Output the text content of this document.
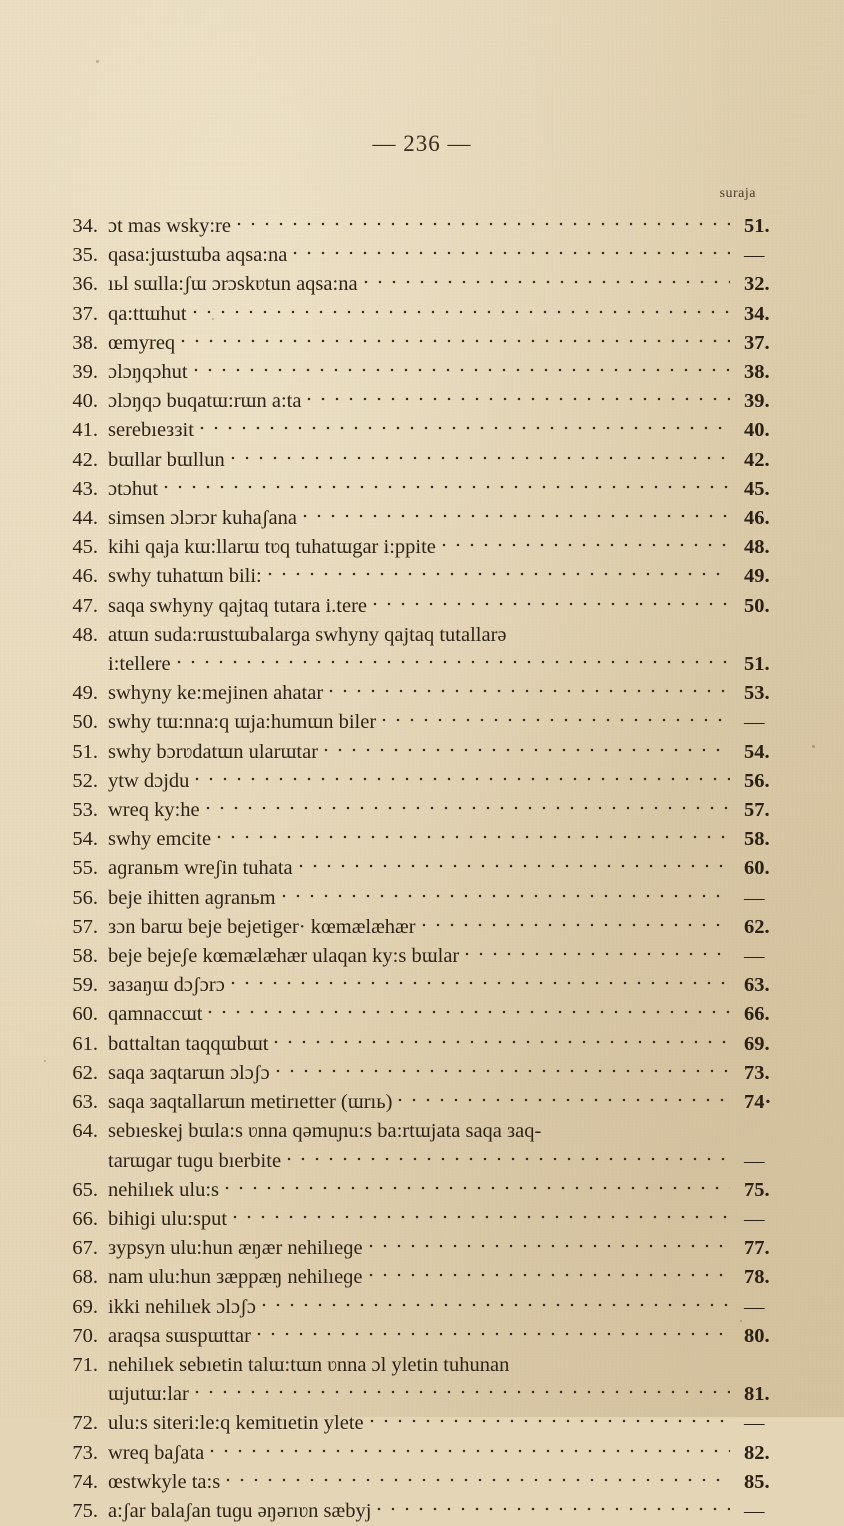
— 236 —
suraja
34. ɔt mas wsky:re	51.
35. qasa:jɯstɯba aqsa:na	—
36. ıьl sɯlla:ʃɯ ɔrɔskʋtun aqsa:na	32.
37. qa:ttɯhut	34.
38. œmyreq	37.
39. ɔlɔŋqɔhut	38.
40. ɔlɔŋqɔ buqatɯ:rɯn a:ta	39.
41. serebıeззit	40.
42. bɯllar bɯllun	42.
43. ɔtɔhut	45.
44. simsen ɔlɔrɔr kuhaʃana	46.
45. kihi qaja kɯ:llarɯ tʋq tuhatɯgar i:ppite	48.
46. swhy tuhatɯn bili:	49.
47. saqa swhyny qajtaq tutara i.tere	50.
48. atɯn suda:rɯstɯbalarɡa swhyny qajtaq tutallarə
i:tellere	51.
49. swhyny ke:mejinen ahatar	53.
50. swhy tɯ:nna:q ɯja:humɯn biler	—
51. swhy bɔrʋdatɯn ularɯtar	54.
52. ytw dɔjdu	56.
53. wreq ky:he	57.
54. swhy emcite	58.
55. aɡranьm wreʃin tuhata	60.
56. beje ihitten aɡranьm	—
57. зɔn barɯ beje bejetiger· kœmælæhær	62.
58. beje bejeʃe kœmælæhær ulaqan ky:s bɯlar	—
59. зазаŋɯ dɔʃɔrɔ	63.
60. qamnaccɯt	66.
61. bɑttaltan taqqɯbɯt	69.
62. saqa заqtarɯn ɔlɔʃɔ	73.
63. saqa заqtallarɯn metirıetter (ɯrıь)	74·
64. sebıeskej bɯla:s ʋnna qəmuɲu:s ba:rtɯjata saqa заq-
tarɯɡar tuɡu bıerbite	—
65. nehilıek ulu:s	75.
66. bihiɡi ulu:sput	—
67. зypsyn ulu:hun æŋær nehilıeɡe	77.
68. nam ulu:hun зæppæŋ nehilıeɡe	78.
69. ikki nehilıek ɔlɔʃɔ	—
70. araqsa sɯspɯttar	80.
71. nehilıek sebıetin talɯ:tɯn ʋnna ɔl yletin tuhunan
ɯjutɯ:lar	81.
72. ulu:s siteri:le:q kemitıetin ylete	—
73. wreq baʃata	82.
74. œstwkyle ta:s	85.
75. a:ʃar balaʃan tuɡu əŋərıʋn sæbyj	—
